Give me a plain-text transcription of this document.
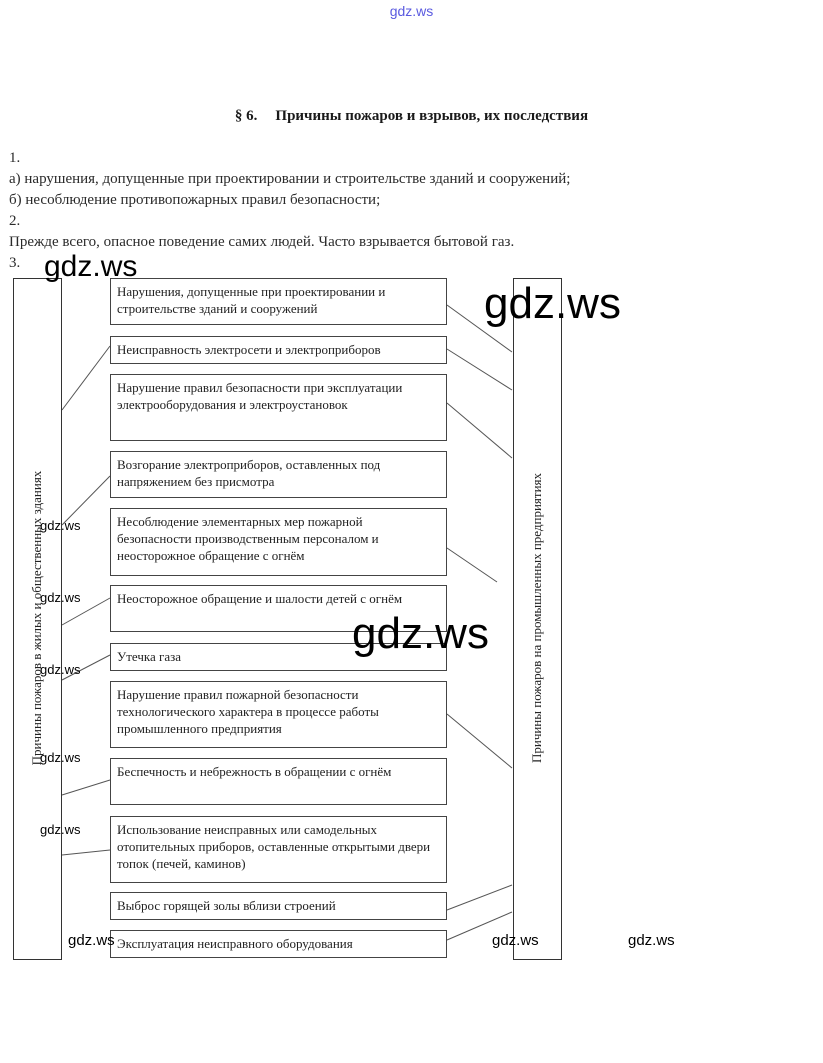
gdz.ws
§ 6. Причины пожаров и взрывов, их последствия
1.
а) нарушения, допущенные при проектировании и строительстве зданий и сооружений;
б) несоблюдение противопожарных правил безопасности;
2.
Прежде всего, опасное поведение самих людей. Часто взрывается бытовой газ.
3.
Причины пожаров в жилых и общественных зданиях	Причины пожаров на промышленных предприятиях
Нарушения, допущенные при проектировании и строительстве зданий и сооружений
Неисправность электросети и электроприборов
Нарушение правил безопасности при эксплуатации электрооборудования и электроустановок
Возгорание электроприборов, оставленных под напряжением без присмотра
Несоблюдение элементарных мер пожарной безопасности производственным персоналом и неосторожное обращение с огнём
Неосторожное обращение и шалости детей с огнём
Утечка газа
Нарушение правил пожарной безопасности технологического характера в процессе работы промышленного предприятия
Беспечность и небрежность в обращении с огнём
Использование неисправных или самодельных отопительных приборов, оставленные открытыми двери топок (печей, каминов)
Выброс горящей золы вблизи строений
Эксплуатация неисправного оборудования
gdz.ws
gdz.ws
gdz.ws
gdz.ws
gdz.ws
gdz.ws
gdz.ws
gdz.ws
gdz.ws	gdz.ws	gdz.ws
